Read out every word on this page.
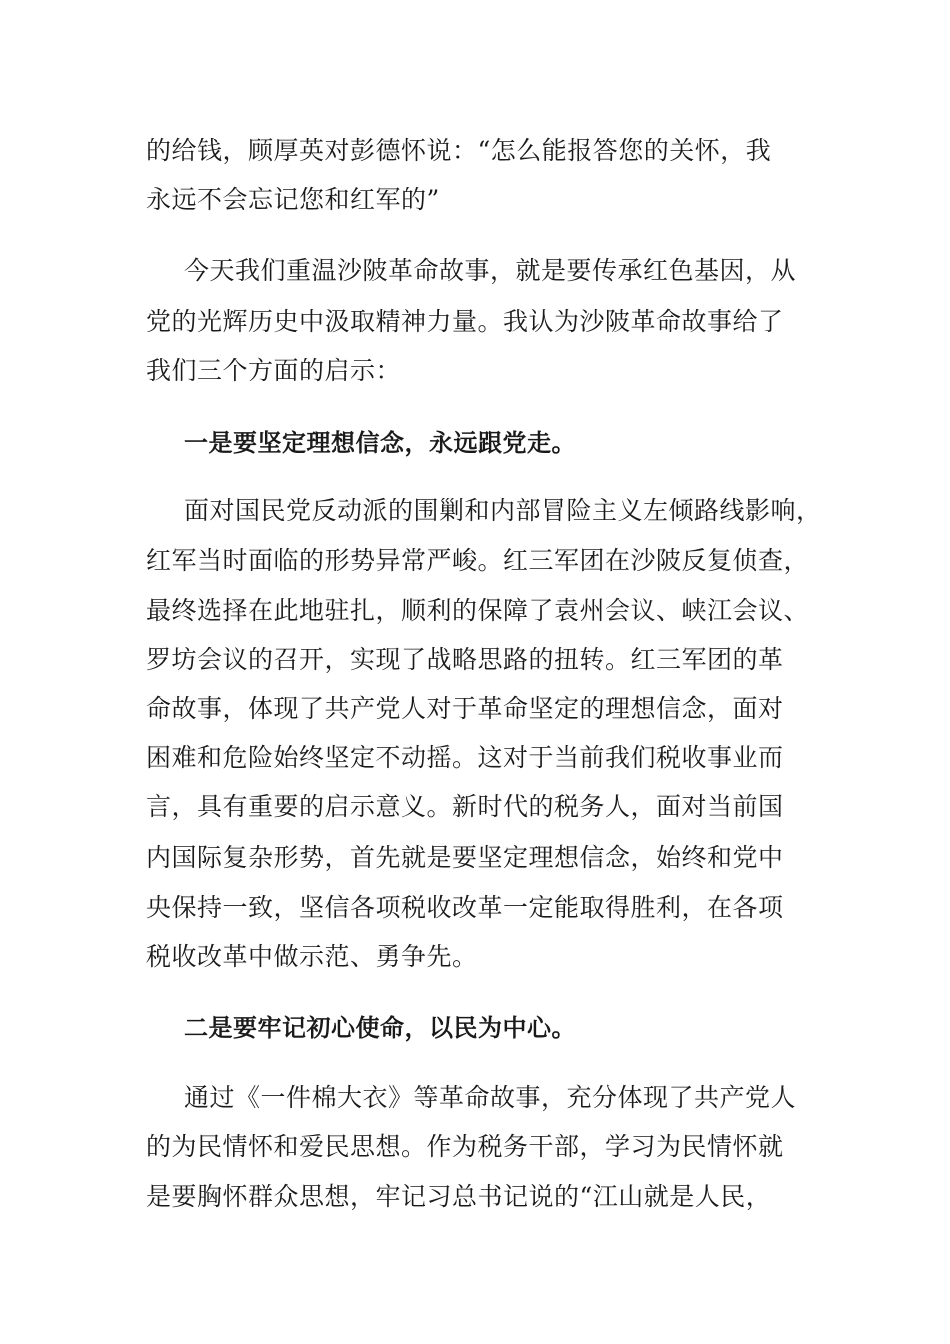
的给钱，顾厚英对彭德怀说：“怎么能报答您的关怀，我
永远不会忘记您和红军的”
今天我们重温沙陂革命故事，就是要传承红色基因，从
党的光辉历史中汲取精神力量。我认为沙陂革命故事给了
我们三个方面的启示：
一是要坚定理想信念，永远跟党走。
面对国民党反动派的围剿和内部冒险主义左倾路线影响，
红军当时面临的形势异常严峻。红三军团在沙陂反复侦查，
最终选择在此地驻扎，顺利的保障了袁州会议、峡江会议、
罗坊会议的召开，实现了战略思路的扭转。红三军团的革
命故事，体现了共产党人对于革命坚定的理想信念，面对
困难和危险始终坚定不动摇。这对于当前我们税收事业而
言，具有重要的启示意义。新时代的税务人，面对当前国
内国际复杂形势，首先就是要坚定理想信念，始终和党中
央保持一致，坚信各项税收改革一定能取得胜利，在各项
税收改革中做示范、勇争先。
二是要牢记初心使命，以民为中心。
通过《一件棉大衣》等革命故事，充分体现了共产党人
的为民情怀和爱民思想。作为税务干部，学习为民情怀就
是要胸怀群众思想，牢记习总书记说的“江山就是人民，
